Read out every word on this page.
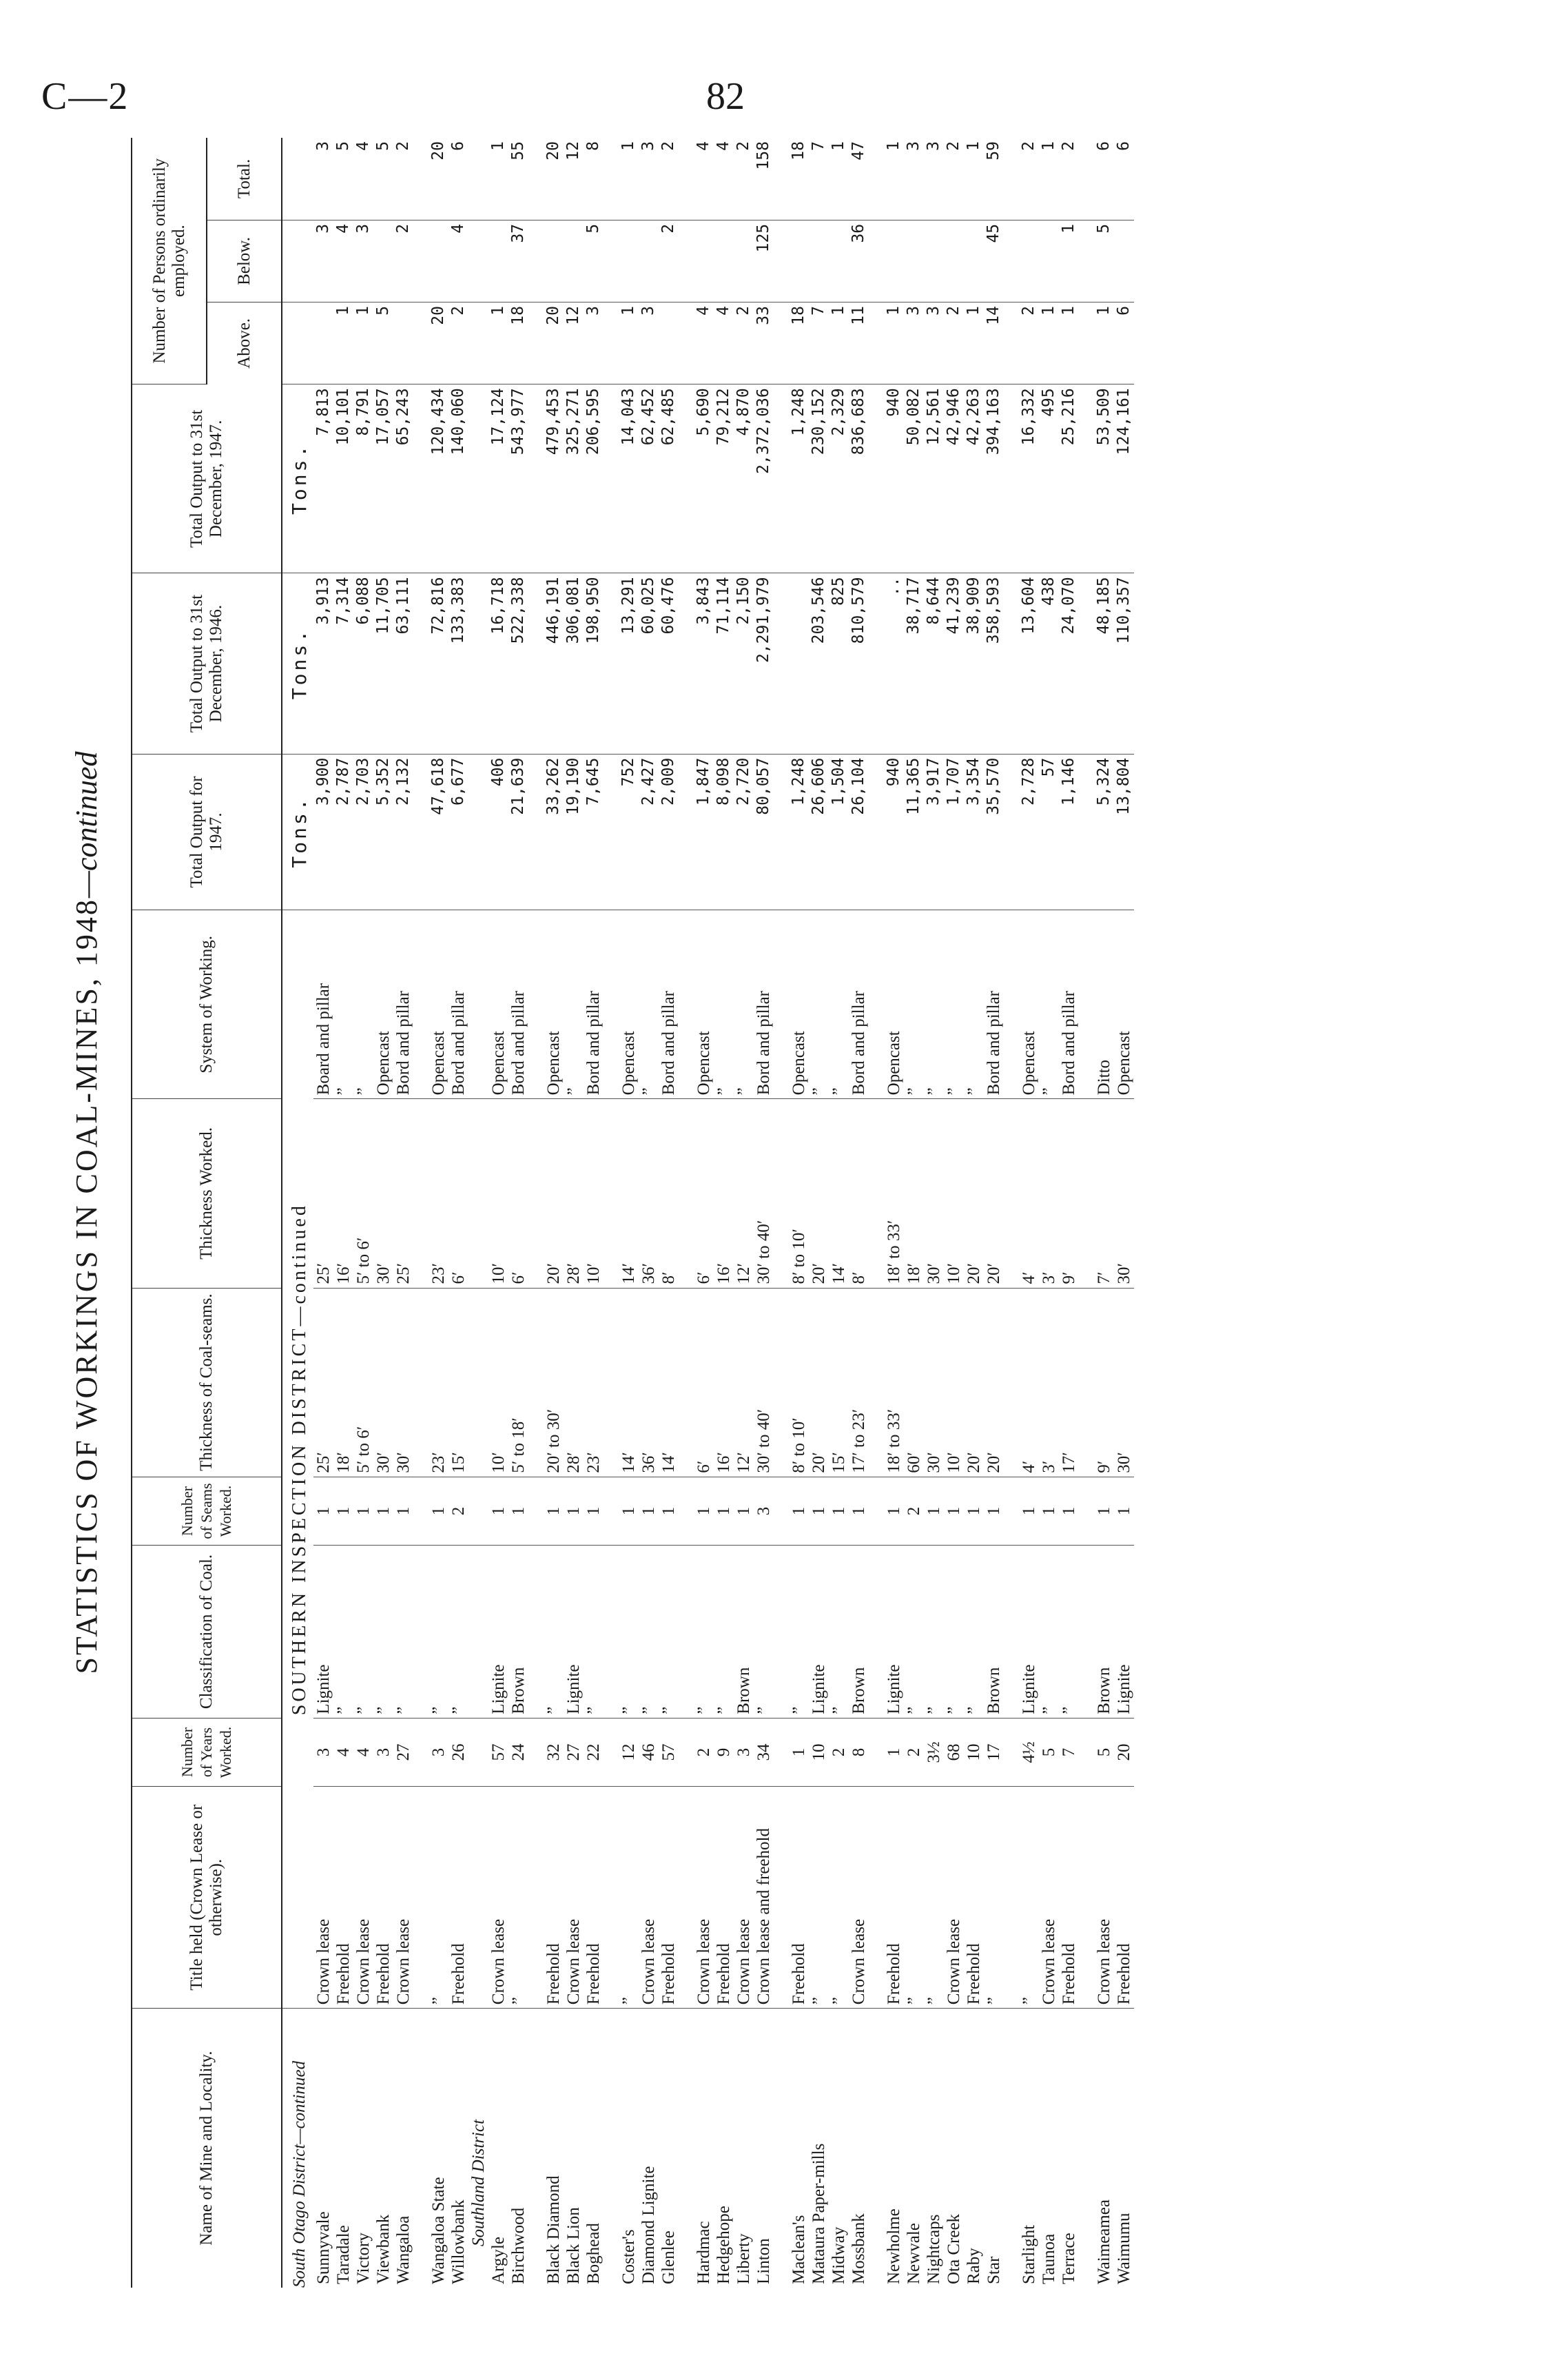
C—2	82
STATISTICS OF WORKINGS IN COAL-MINES, 1948—continued
Name of Mine and Locality.	Title held (Crown Lease or otherwise).	Number of Years Worked.	Classification of Coal.	Number of Seams Worked.	Thickness of Coal-seams.	Thickness Worked.	System of Working.	Total Output for 1947.	Total Output to 31st December, 1946.	Total Output to 31st December, 1947.	Number of Persons ordinarily employed.		
											Above.	Below.	Total.
South Otago District—continued	SOUTHERN INSPECTION DISTRICT—continued							Tons.	Tons.	Tons.			
Sunnyvale	Crown lease	3	Lignite	1	25′	25′	Board and pillar	3,900	3,913	7,813		3	3
Taradale	Freehold	4	”	1	18′	16′	”	2,787	7,314	10,101	1	4	5
Victory	Crown lease	4	”	1	5′ to 6′	5′ to 6′	”	2,703	6,088	8,791	1	3	4
Viewbank	Freehold	3	”	1	30′	30′	Opencast	5,352	11,705	17,057	5		5
Wangaloa	Crown lease	27	”	1	30′	25′	Bord and pillar	2,132	63,111	65,243		2	2

Wangaloa State	”	3	”	1	23′	23′	Opencast	47,618	72,816	120,434	20		20
Willowbank	Freehold	26	”	2	15′	6′	Bord and pillar	6,677	133,383	140,060	2	4	6
Southland District													
Argyle	Crown lease	57	Lignite	1	10′	10′	Opencast	406	16,718	17,124	1		1
Birchwood	”	24	Brown	1	5′ to 18′	6′	Bord and pillar	21,639	522,338	543,977	18	37	55

Black Diamond	Freehold	32	”	1	20′ to 30′	20′	Opencast	33,262	446,191	479,453	20		20
Black Lion	Crown lease	27	Lignite	1	28′	28′	”	19,190	306,081	325,271	12		12
Boghead	Freehold	22	”	1	23′	10′	Bord and pillar	7,645	198,950	206,595	3	5	8

Coster's	”	12	”	1	14′	14′	Opencast	752	13,291	14,043	1		1
Diamond Lignite	Crown lease	46	”	1	36′	36′	”	2,427	60,025	62,452	3		3
Glenlee	Freehold	57	”	1	14′	8′	Bord and pillar	2,009	60,476	62,485		2	2

Hardmac	Crown lease	2	”	1	6′	6′	Opencast	1,847	3,843	5,690	4		4
Hedgehope	Freehold	9	”	1	16′	16′	”	8,098	71,114	79,212	4		4
Liberty	Crown lease	3	Brown	1	12′	12′	”	2,720	2,150	4,870	2		2
Linton	Crown lease and freehold	34	”	3	30′ to 40′	30′ to 40′	Bord and pillar	80,057	2,291,979	2,372,036	33	125	158

Maclean's	Freehold	1	”	1	8′ to 10′	8′ to 10′	Opencast	1,248		1,248	18		18
Mataura Paper-mills	”	10	Lignite	1	20′	20′	”	26,606	203,546	230,152	7		7
Midway	”	2	”	1	15′	14′	”	1,504	825	2,329	1		1
Mossbank	Crown lease	8	Brown	1	17′ to 23′	8′	Bord and pillar	26,104	810,579	836,683	11	36	47

Newholme	Freehold	1	Lignite	1	18′ to 33′	18′ to 33′	Opencast	940	..	940	1		1
Newvale	”	2	”	2	60′	18′	”	11,365	38,717	50,082	3		3
Nightcaps	”	3½	”	1	30′	30′	”	3,917	8,644	12,561	3		3
Ota Creek	Crown lease	68	”	1	10′	10′	”	1,707	41,239	42,946	2		2
Raby	Freehold	10	”	1	20′	20′	”	3,354	38,909	42,263	1		1
Star	”	17	Brown	1	20′	20′	Bord and pillar	35,570	358,593	394,163	14	45	59

Starlight	”	4½	Lignite	1	4′	4′	Opencast	2,728	13,604	16,332	2		2
Taunoa	Crown lease	5	”	1	3′	3′	”	57	438	495	1		1
Terrace	Freehold	7	”	1	17′	9′	Bord and pillar	1,146	24,070	25,216	1	1	2

Waimeamea	Crown lease	5	Brown	1	9′	7′	Ditto	5,324	48,185	53,509	1	5	6
Waimumu	Freehold	20	Lignite	1	30′	30′	Opencast	13,804	110,357	124,161	6		6
